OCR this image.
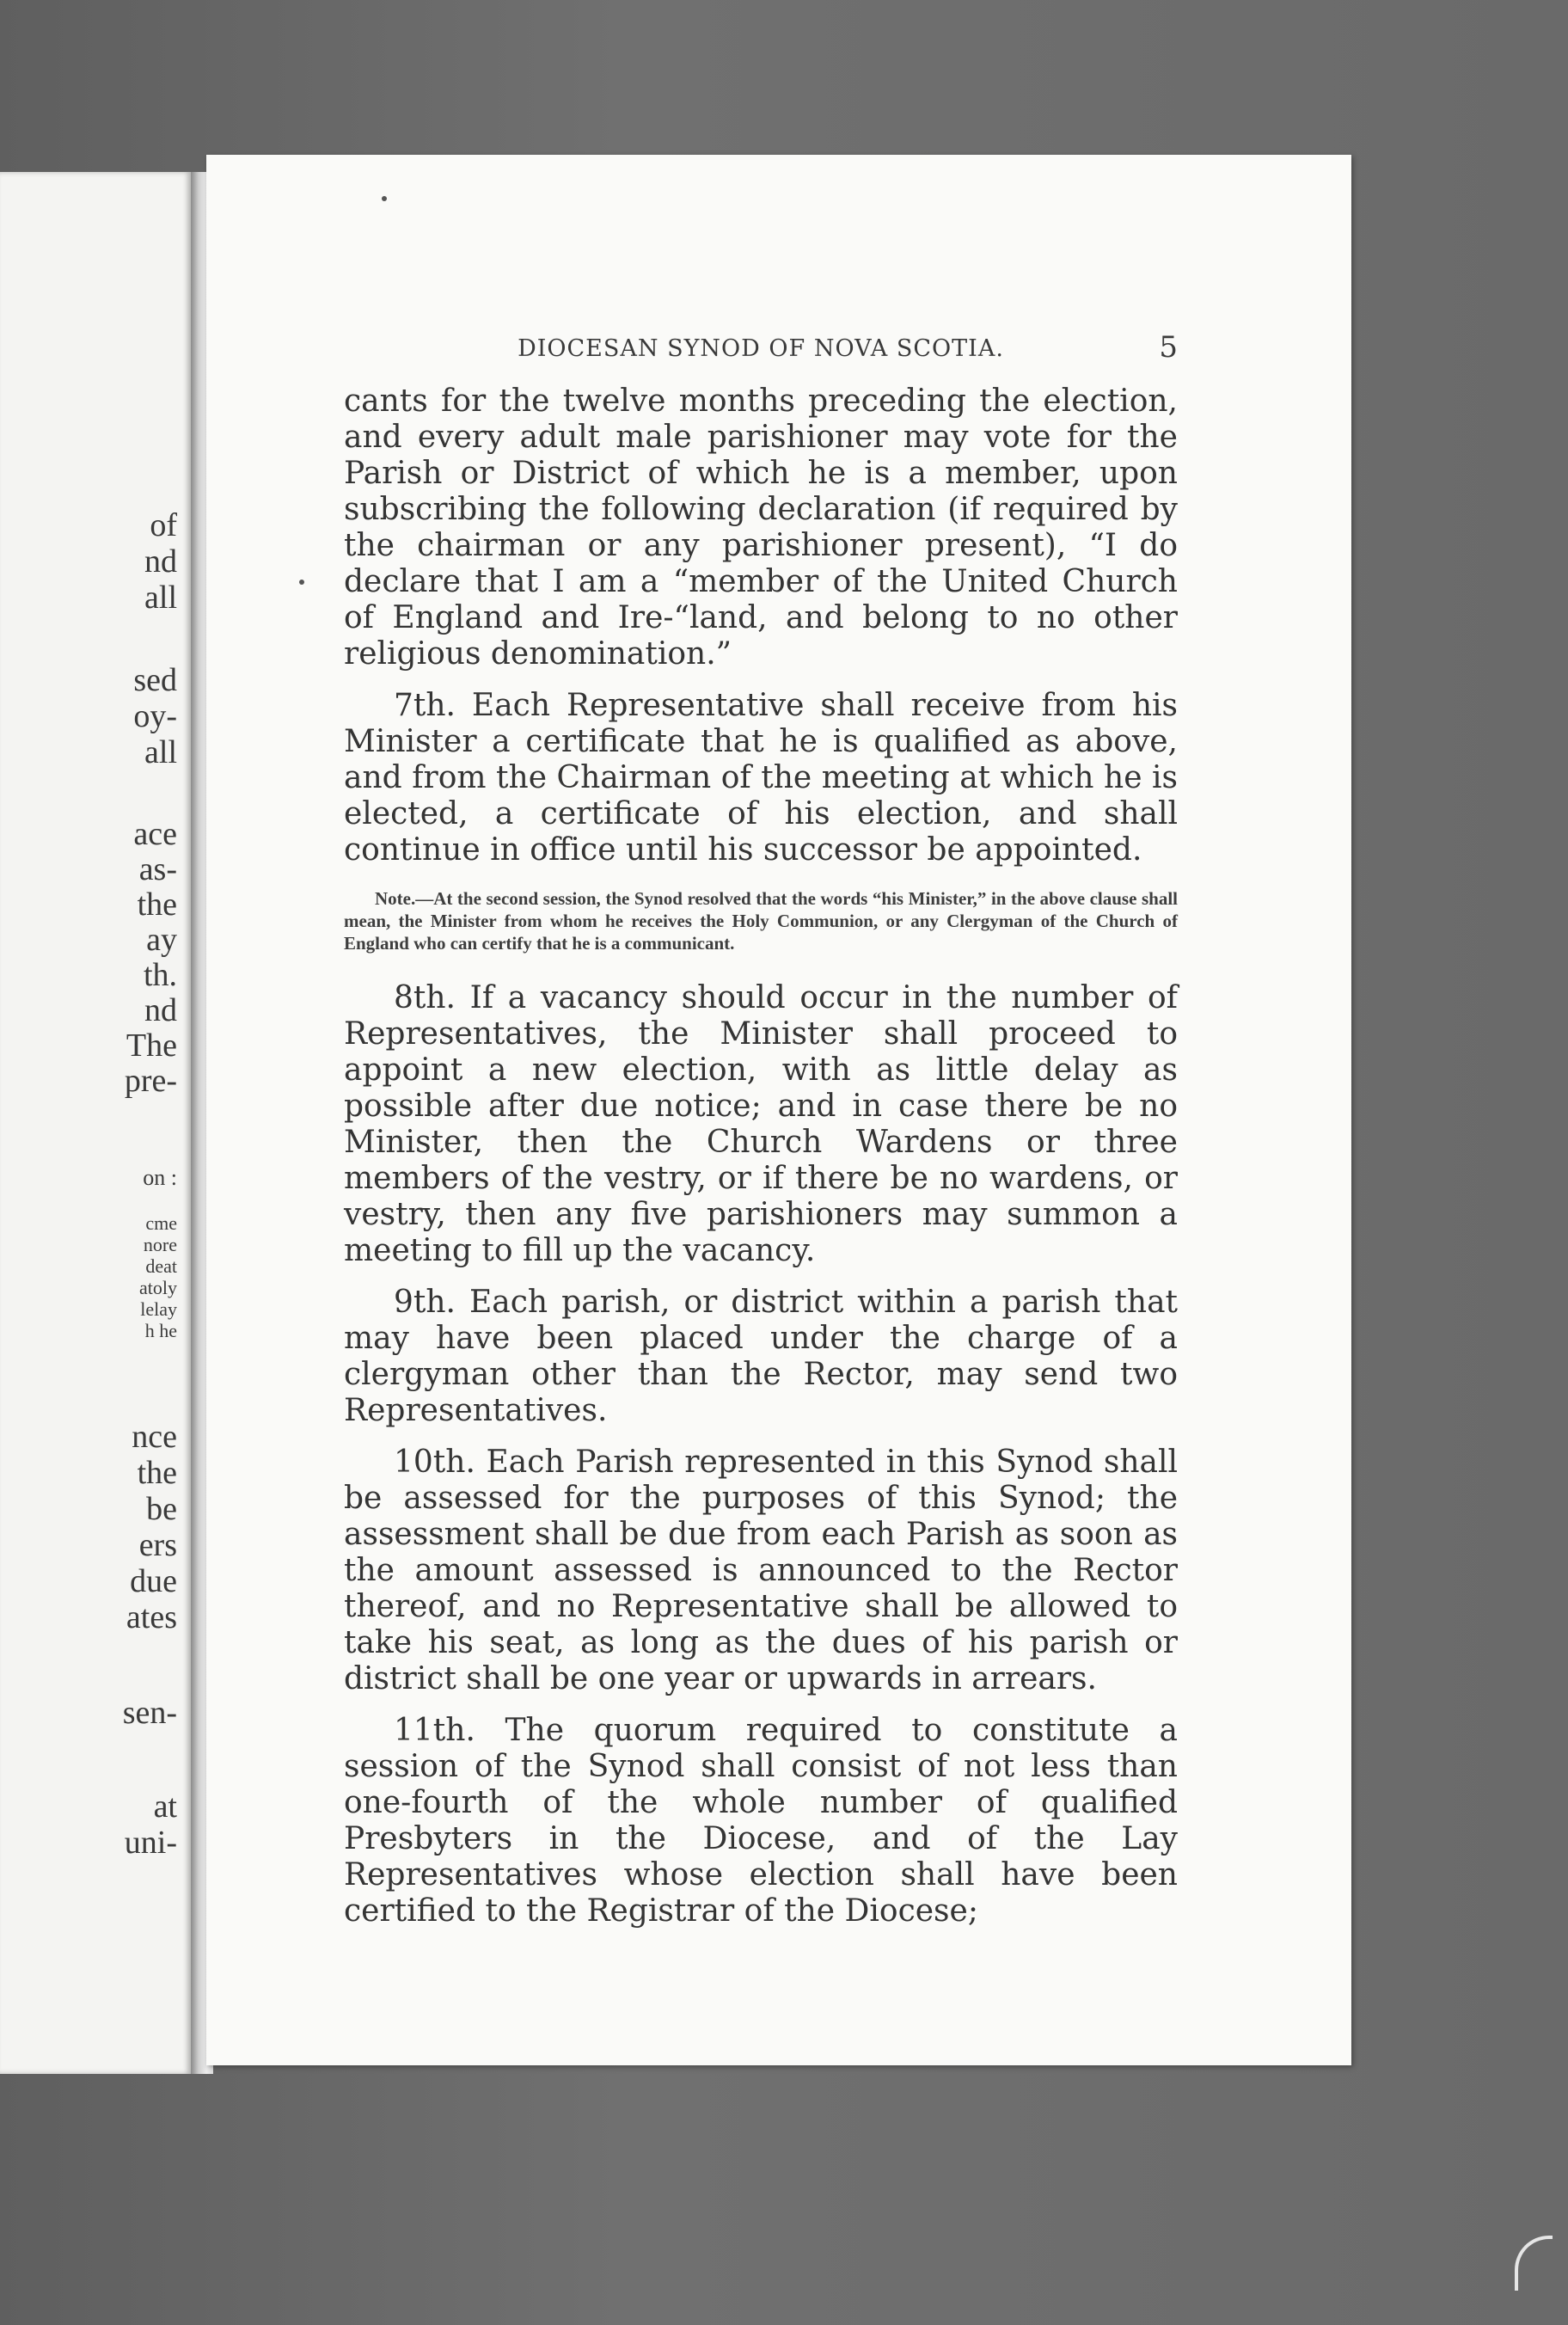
of
nd
all
sed
oy-
all
ace
as-
the
ay
th.
nd
The
pre-
on :
cme
nore
deat
atoly
lelay
h he
nce
the
be
ers
due
ates
sen-
at
uni-
DIOCESAN SYNOD OF NOVA SCOTIA.	5

cants for the twelve months preceding the election, and every adult male parishioner may vote for the Parish or District of which he is a member, upon subscribing the following declaration (if required by the chairman or any parishioner present), “I do declare that I am a “member of the United Church of England and Ire-“land, and belong to no other religious denomination.”

7th. Each Representative shall receive from his Minister a certificate that he is qualified as above, and from the Chairman of the meeting at which he is elected, a certificate of his election, and shall continue in office until his successor be appointed.

Note.—At the second session, the Synod resolved that the words “his Minister,” in the above clause shall mean, the Minister from whom he receives the Holy Communion, or any Clergyman of the Church of England who can certify that he is a communicant.

8th. If a vacancy should occur in the number of Representatives, the Minister shall proceed to appoint a new election, with as little delay as possible after due notice; and in case there be no Minister, then the Church Wardens or three members of the vestry, or if there be no wardens, or vestry, then any five parishioners may summon a meeting to fill up the vacancy.

9th. Each parish, or district within a parish that may have been placed under the charge of a clergyman other than the Rector, may send two Representatives.

10th. Each Parish represented in this Synod shall be assessed for the purposes of this Synod; the assessment shall be due from each Parish as soon as the amount assessed is announced to the Rector thereof, and no Representative shall be allowed to take his seat, as long as the dues of his parish or district shall be one year or upwards in arrears.

11th. The quorum required to constitute a session of the Synod shall consist of not less than one-fourth of the whole number of qualified Presbyters in the Diocese, and of the Lay Representatives whose election shall have been certified to the Registrar of the Diocese;
